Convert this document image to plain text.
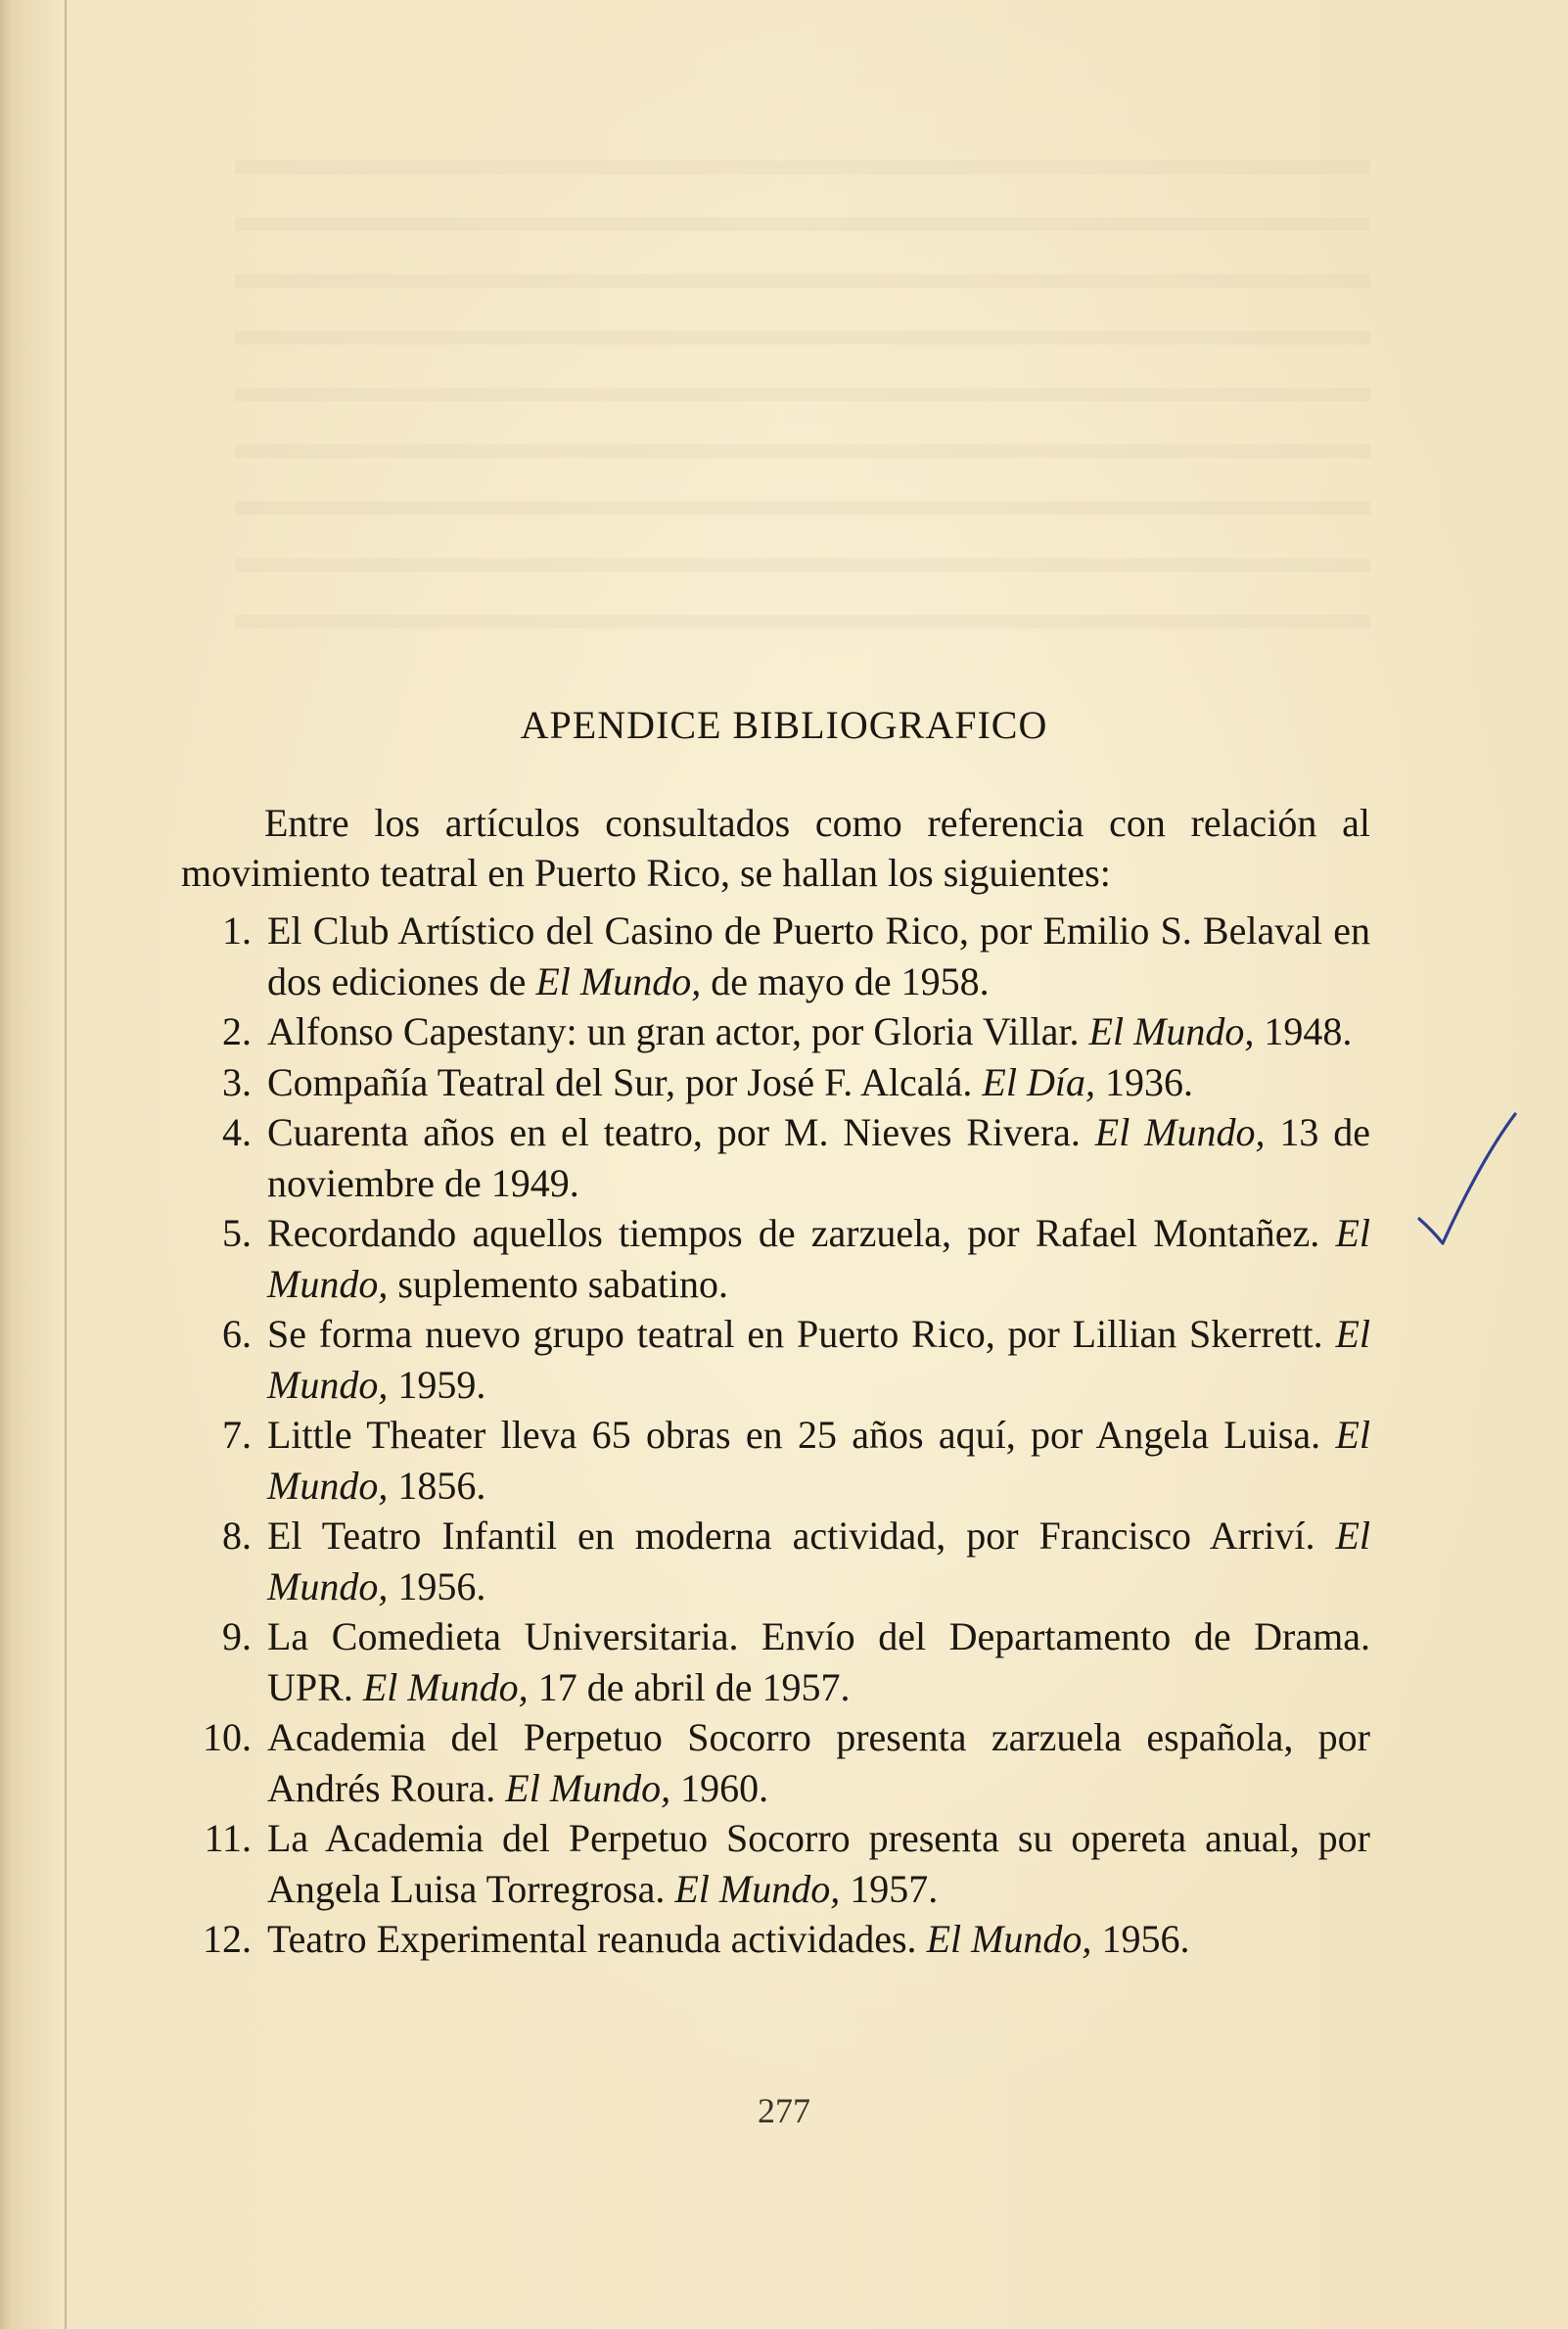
APENDICE BIBLIOGRAFICO
Entre los artículos consultados como referencia con relación al movimiento teatral en Puerto Rico, se hallan los siguientes:
1. El Club Artístico del Casino de Puerto Rico, por Emilio S. Belaval en dos ediciones de El Mundo, de mayo de 1958.
2. Alfonso Capestany: un gran actor, por Gloria Villar. El Mundo, 1948.
3. Compañía Teatral del Sur, por José F. Alcalá. El Día, 1936.
4. Cuarenta años en el teatro, por M. Nieves Rivera. El Mundo, 13 de noviembre de 1949.
5. Recordando aquellos tiempos de zarzuela, por Rafael Montañez. El Mundo, suplemento sabatino.
6. Se forma nuevo grupo teatral en Puerto Rico, por Lillian Skerrett. El Mundo, 1959.
7. Little Theater lleva 65 obras en 25 años aquí, por Angela Luisa. El Mundo, 1856.
8. El Teatro Infantil en moderna actividad, por Francisco Arriví. El Mundo, 1956.
9. La Comedieta Universitaria. Envío del Departamento de Drama. UPR. El Mundo, 17 de abril de 1957.
10. Academia del Perpetuo Socorro presenta zarzuela española, por Andrés Roura. El Mundo, 1960.
11. La Academia del Perpetuo Socorro presenta su opereta anual, por Angela Luisa Torregrosa. El Mundo, 1957.
12. Teatro Experimental reanuda actividades. El Mundo, 1956.
277
